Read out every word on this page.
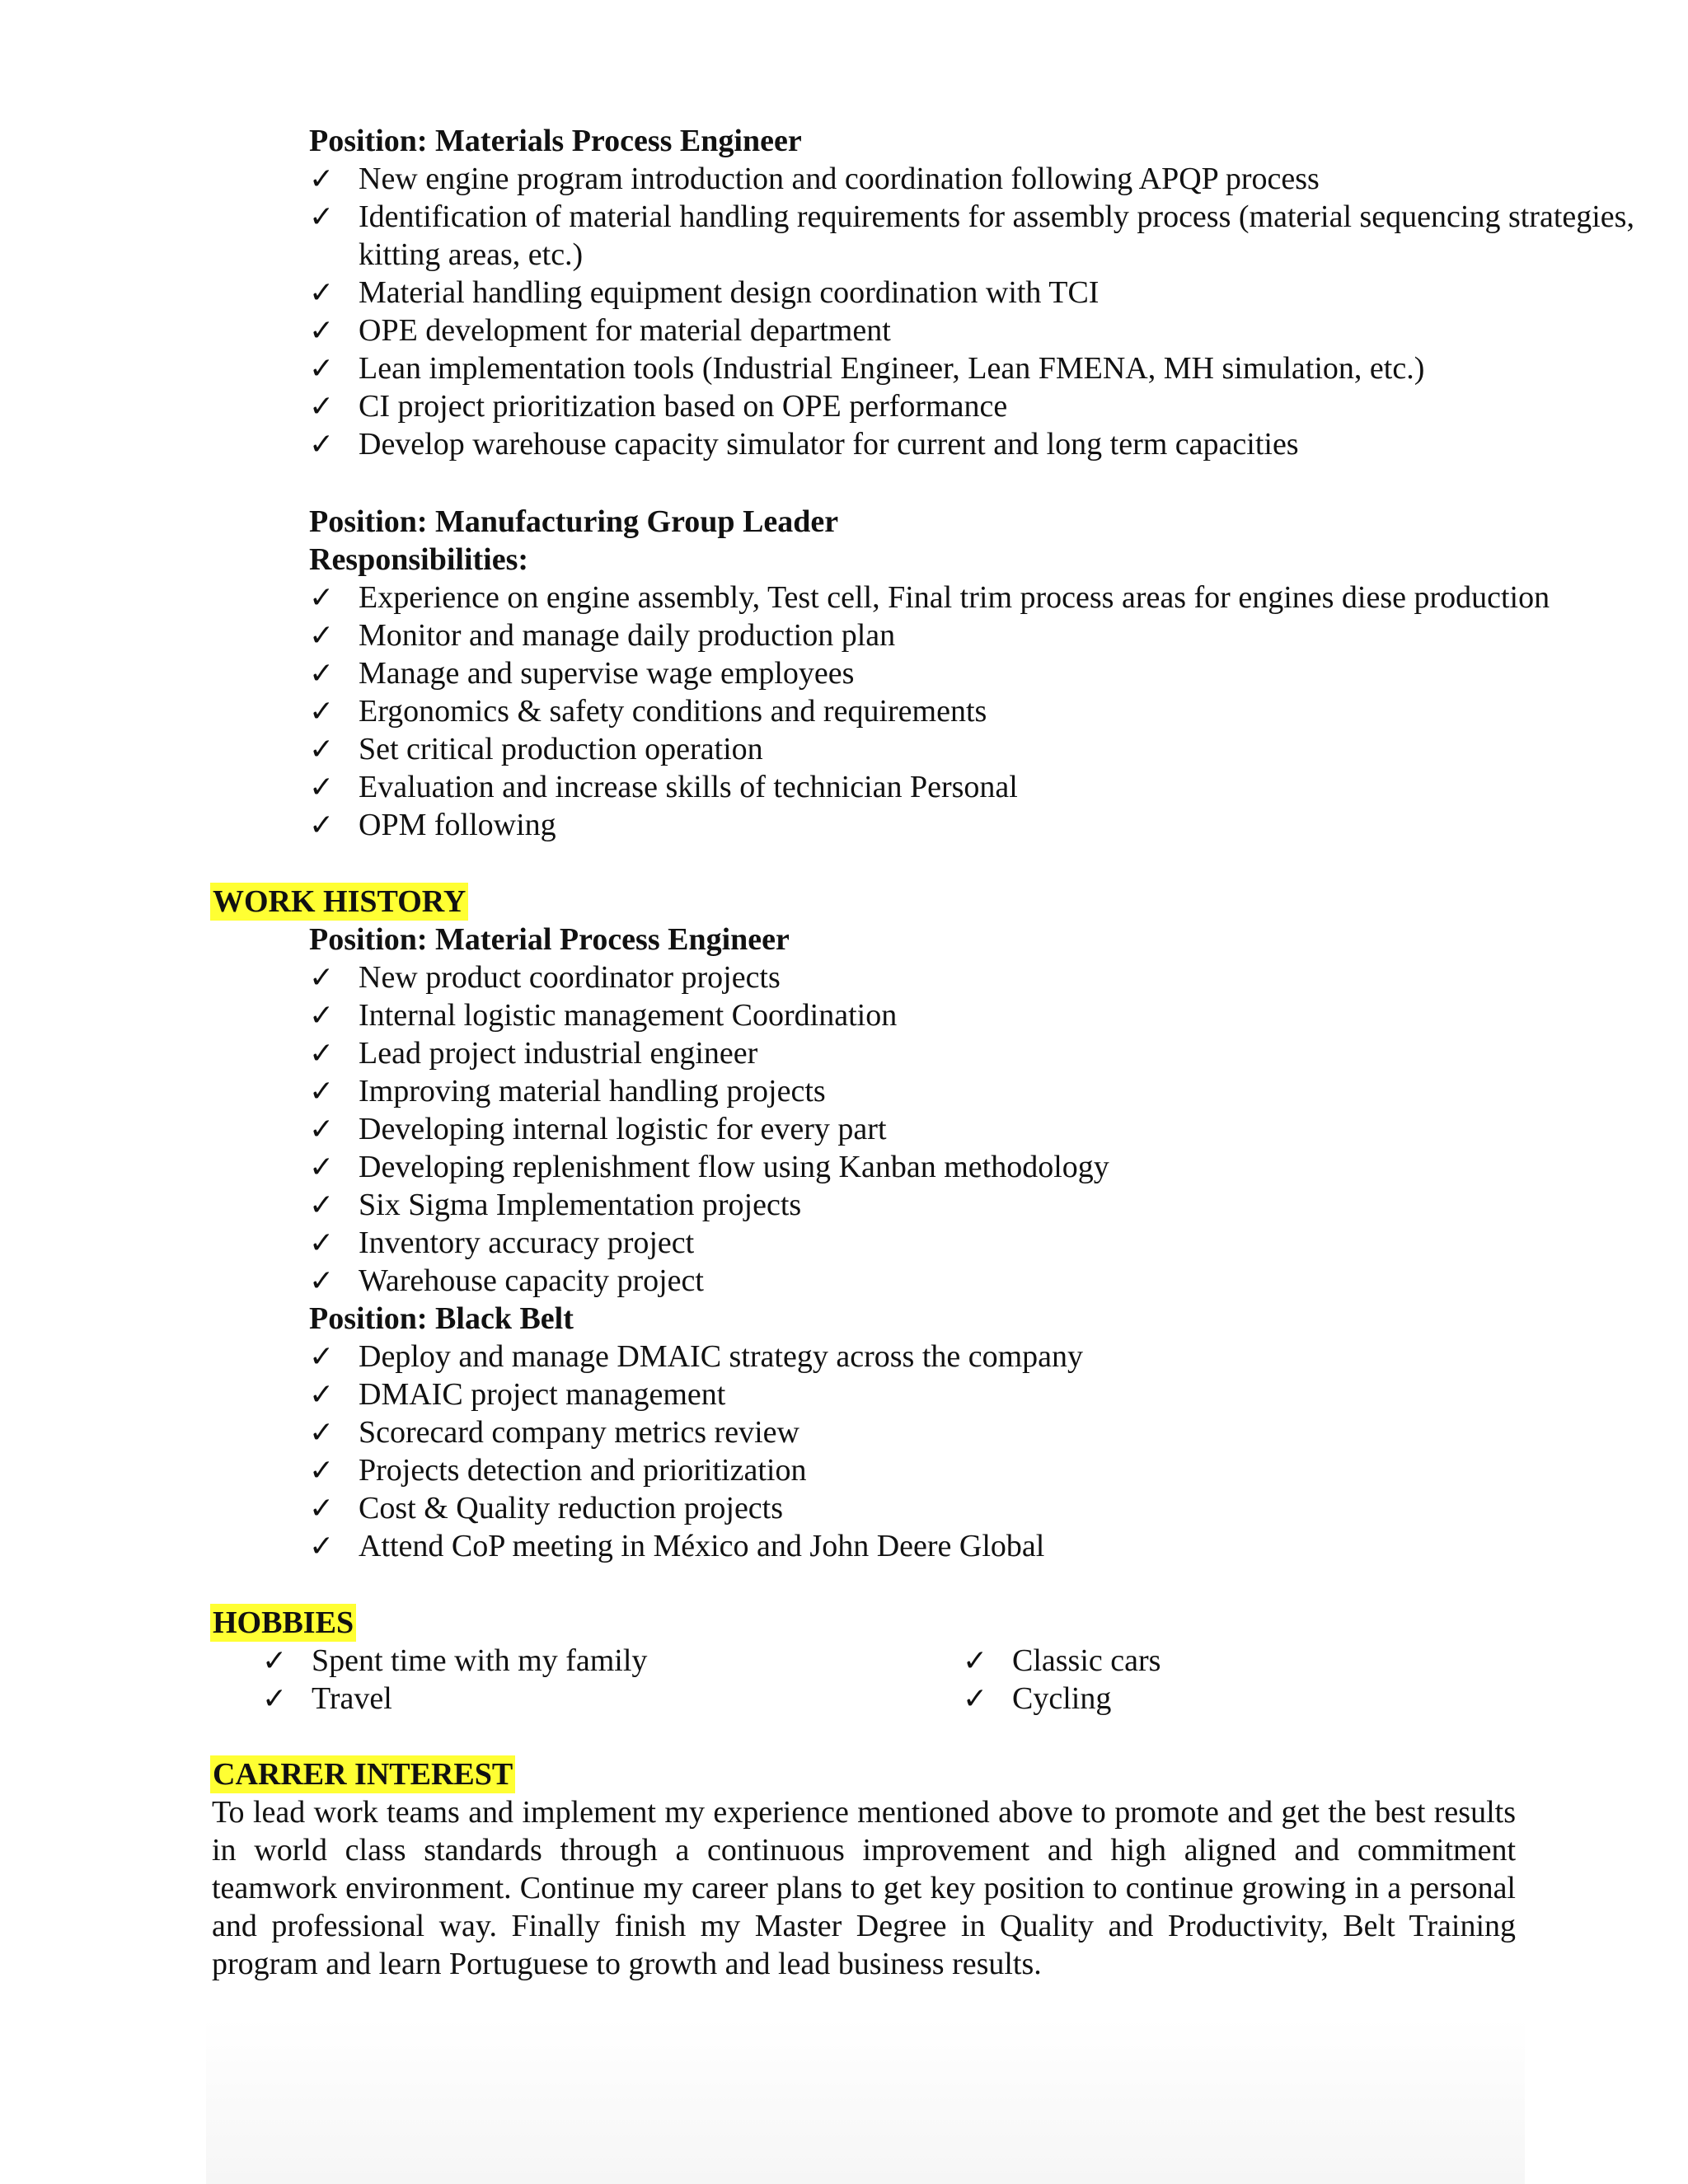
Position: Materials Process Engineer
✓ New engine program introduction and coordination following APQP process
✓ Identification of material handling requirements for assembly process (material sequencing strategies, kitting areas, etc.)
✓ Material handling equipment design coordination with TCI
✓ OPE development for material department
✓ Lean implementation tools (Industrial Engineer, Lean FMENA, MH simulation, etc.)
✓ CI project prioritization based on OPE performance
✓ Develop warehouse capacity simulator for current and long term capacities
Position: Manufacturing Group Leader
Responsibilities:
✓ Experience on engine assembly, Test cell, Final trim process areas for engines diese production
✓ Monitor and manage daily production plan
✓ Manage and supervise wage employees
✓ Ergonomics & safety conditions and requirements
✓ Set critical production operation
✓ Evaluation and increase skills of technician Personal
✓ OPM following
WORK HISTORY
Position: Material Process Engineer
✓ New product coordinator projects
✓ Internal logistic management Coordination
✓ Lead project industrial engineer
✓ Improving material handling projects
✓ Developing internal logistic for every part
✓ Developing replenishment flow using Kanban methodology
✓ Six Sigma Implementation projects
✓ Inventory accuracy project
✓ Warehouse capacity project
Position: Black Belt
✓ Deploy and manage DMAIC strategy across the company
✓ DMAIC project management
✓ Scorecard company metrics review
✓ Projects detection and prioritization
✓ Cost & Quality reduction projects
✓ Attend CoP meeting in México and John Deere Global
HOBBIES
✓ Spent time with my family
✓ Travel
✓ Classic cars
✓ Cycling
CARRER INTEREST

To lead work teams and implement my experience mentioned above to promote and get the best results in world class standards through a continuous improvement and high aligned and commitment teamwork environment. Continue my career plans to get key position to continue growing in a personal and professional way. Finally finish my Master Degree in Quality and Productivity, Belt Training program and learn Portuguese to growth and lead business results.
